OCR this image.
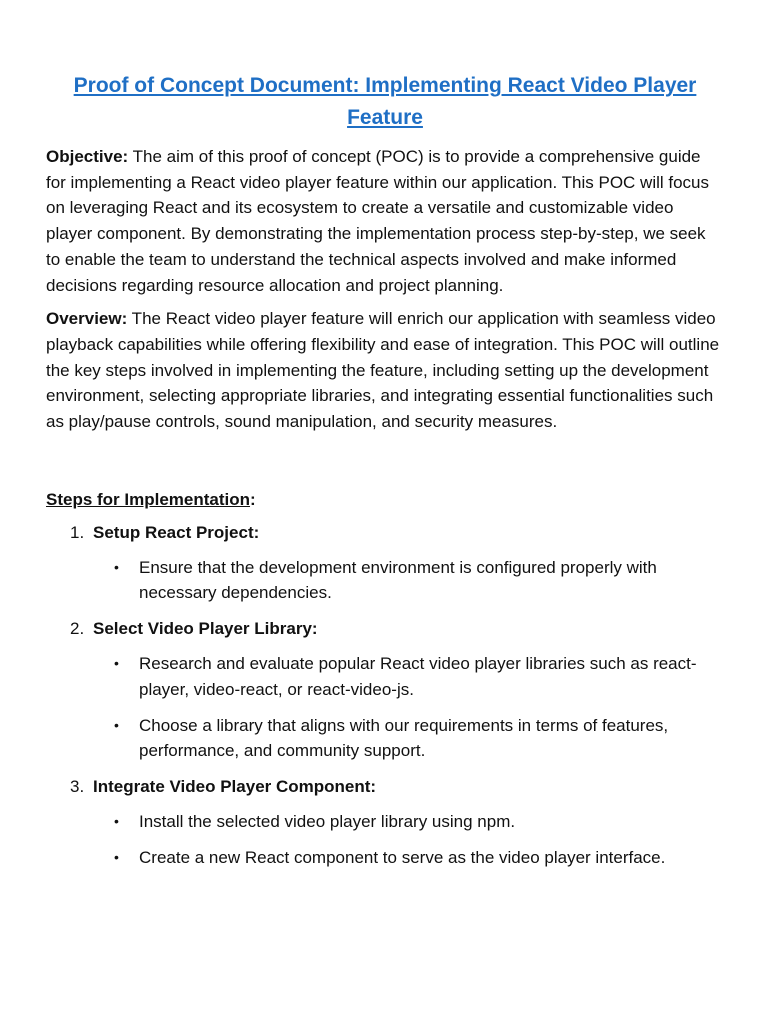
Proof of Concept Document: Implementing React Video Player Feature

Objective: The aim of this proof of concept (POC) is to provide a comprehensive guide for implementing a React video player feature within our application. This POC will focus on leveraging React and its ecosystem to create a versatile and customizable video player component. By demonstrating the implementation process step-by-step, we seek to enable the team to understand the technical aspects involved and make informed decisions regarding resource allocation and project planning.

Overview: The React video player feature will enrich our application with seamless video playback capabilities while offering flexibility and ease of integration. This POC will outline the key steps involved in implementing the feature, including setting up the development environment, selecting appropriate libraries, and integrating essential functionalities such as play/pause controls, sound manipulation, and security measures.

Steps for Implementation:
1. Setup React Project:
• Ensure that the development environment is configured properly with necessary dependencies.
2. Select Video Player Library:
• Research and evaluate popular React video player libraries such as react-player, video-react, or react-video-js.
• Choose a library that aligns with our requirements in terms of features, performance, and community support.
3. Integrate Video Player Component:
• Install the selected video player library using npm.
• Create a new React component to serve as the video player interface.
